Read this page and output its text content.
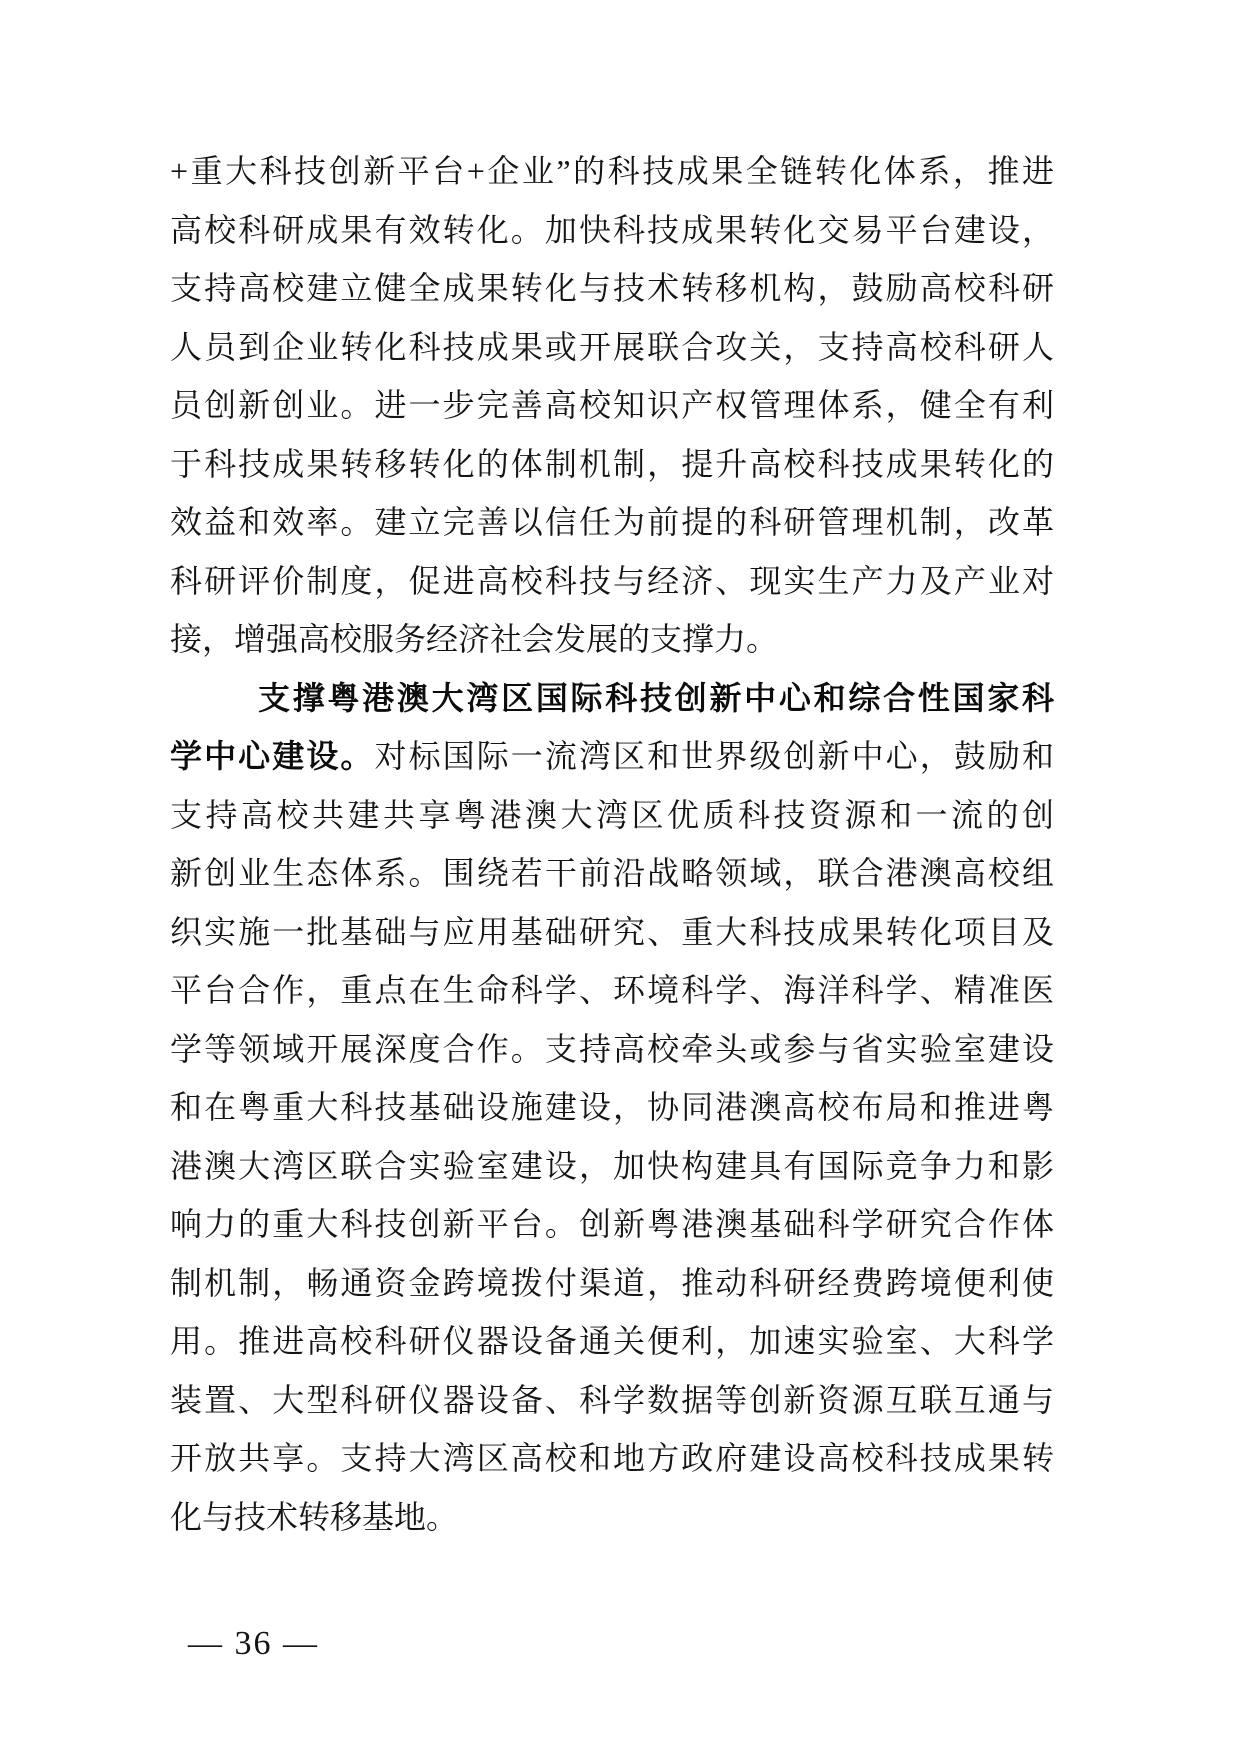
+重大科技创新平台+企业”的科技成果全链转化体系，推进
高校科研成果有效转化。加快科技成果转化交易平台建设，
支持高校建立健全成果转化与技术转移机构，鼓励高校科研
人员到企业转化科技成果或开展联合攻关，支持高校科研人
员创新创业。进一步完善高校知识产权管理体系，健全有利
于科技成果转移转化的体制机制，提升高校科技成果转化的
效益和效率。建立完善以信任为前提的科研管理机制，改革
科研评价制度，促进高校科技与经济、现实生产力及产业对
接，增强高校服务经济社会发展的支撑力。
支撑粤港澳大湾区国际科技创新中心和综合性国家科
学中心建设。对标国际一流湾区和世界级创新中心，鼓励和
支持高校共建共享粤港澳大湾区优质科技资源和一流的创
新创业生态体系。围绕若干前沿战略领域，联合港澳高校组
织实施一批基础与应用基础研究、重大科技成果转化项目及
平台合作，重点在生命科学、环境科学、海洋科学、精准医
学等领域开展深度合作。支持高校牵头或参与省实验室建设
和在粤重大科技基础设施建设，协同港澳高校布局和推进粤
港澳大湾区联合实验室建设，加快构建具有国际竞争力和影
响力的重大科技创新平台。创新粤港澳基础科学研究合作体
制机制，畅通资金跨境拨付渠道，推动科研经费跨境便利使
用。推进高校科研仪器设备通关便利，加速实验室、大科学
装置、大型科研仪器设备、科学数据等创新资源互联互通与
开放共享。支持大湾区高校和地方政府建设高校科技成果转
化与技术转移基地。
— 36 —
